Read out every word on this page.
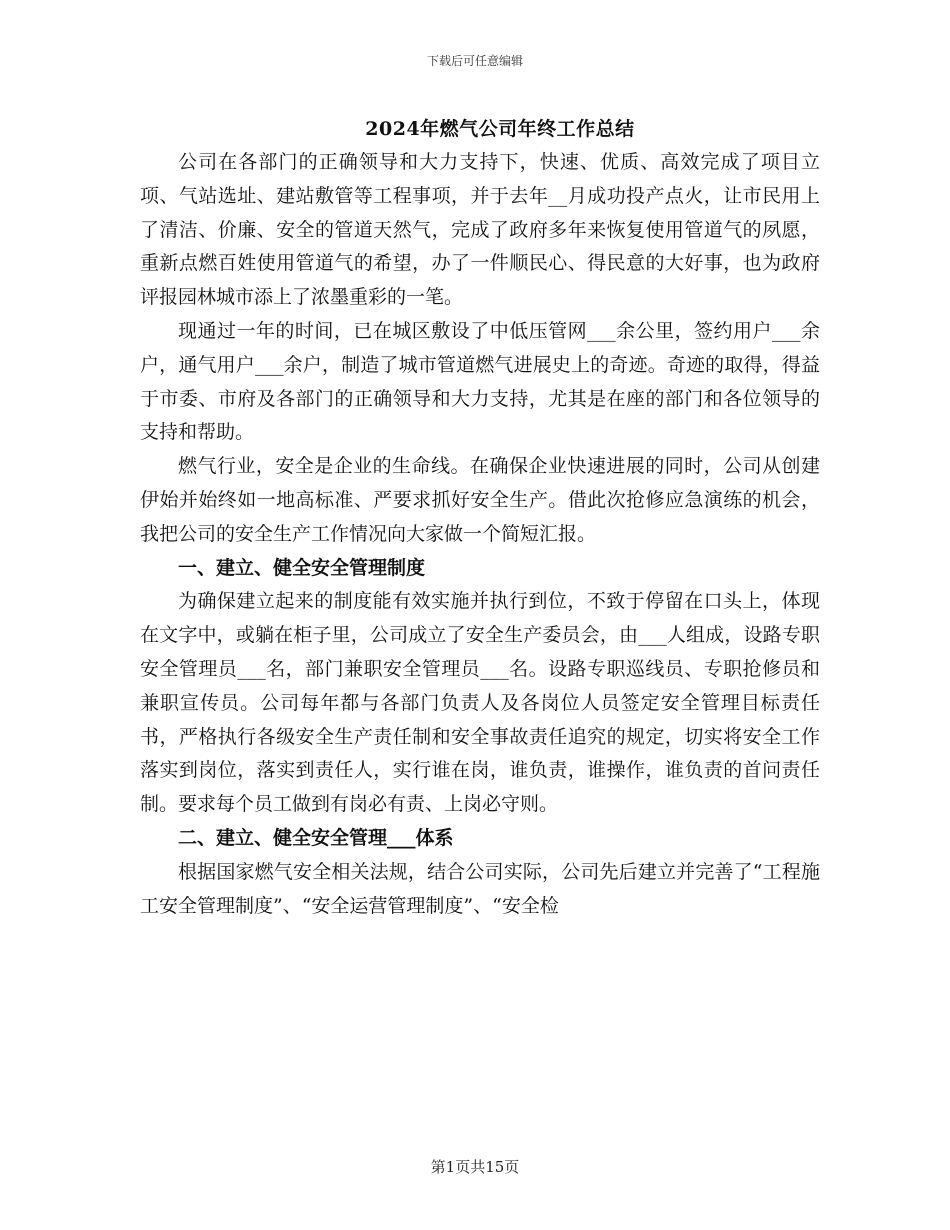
下载后可任意编辑
2024年燃气公司年终工作总结

公司在各部门的正确领导和大力支持下，快速、优质、高效完成了项目立项、气站选址、建站敷管等工程事项，并于去年__月成功投产点火，让市民用上了清洁、价廉、安全的管道天然气，完成了政府多年来恢复使用管道气的夙愿，重新点燃百姓使用管道气的希望，办了一件顺民心、得民意的大好事，也为政府评报园林城市添上了浓墨重彩的一笔。

现通过一年的时间，已在城区敷设了中低压管网___余公里，签约用户___余户，通气用户___余户，制造了城市管道燃气进展史上的奇迹。奇迹的取得，得益于市委、市府及各部门的正确领导和大力支持，尤其是在座的部门和各位领导的支持和帮助。

燃气行业，安全是企业的生命线。在确保企业快速进展的同时，公司从创建伊始并始终如一地高标准、严要求抓好安全生产。借此次抢修应急演练的机会，我把公司的安全生产工作情况向大家做一个简短汇报。

一、建立、健全安全管理制度

为确保建立起来的制度能有效实施并执行到位，不致于停留在口头上，体现在文字中，或躺在柜子里，公司成立了安全生产委员会，由___人组成，设路专职安全管理员___名，部门兼职安全管理员___名。设路专职巡线员、专职抢修员和兼职宣传员。公司每年都与各部门负责人及各岗位人员签定安全管理目标责任书，严格执行各级安全生产责任制和安全事故责任追究的规定，切实将安全工作落实到岗位，落实到责任人，实行谁在岗，谁负责，谁操作，谁负责的首问责任制。要求每个员工做到有岗必有责、上岗必守则。

二、建立、健全安全管理___体系

根据国家燃气安全相关法规，结合公司实际，公司先后建立并完善了“工程施工安全管理制度”、“安全运营管理制度”、“安全检

第1页共15页
